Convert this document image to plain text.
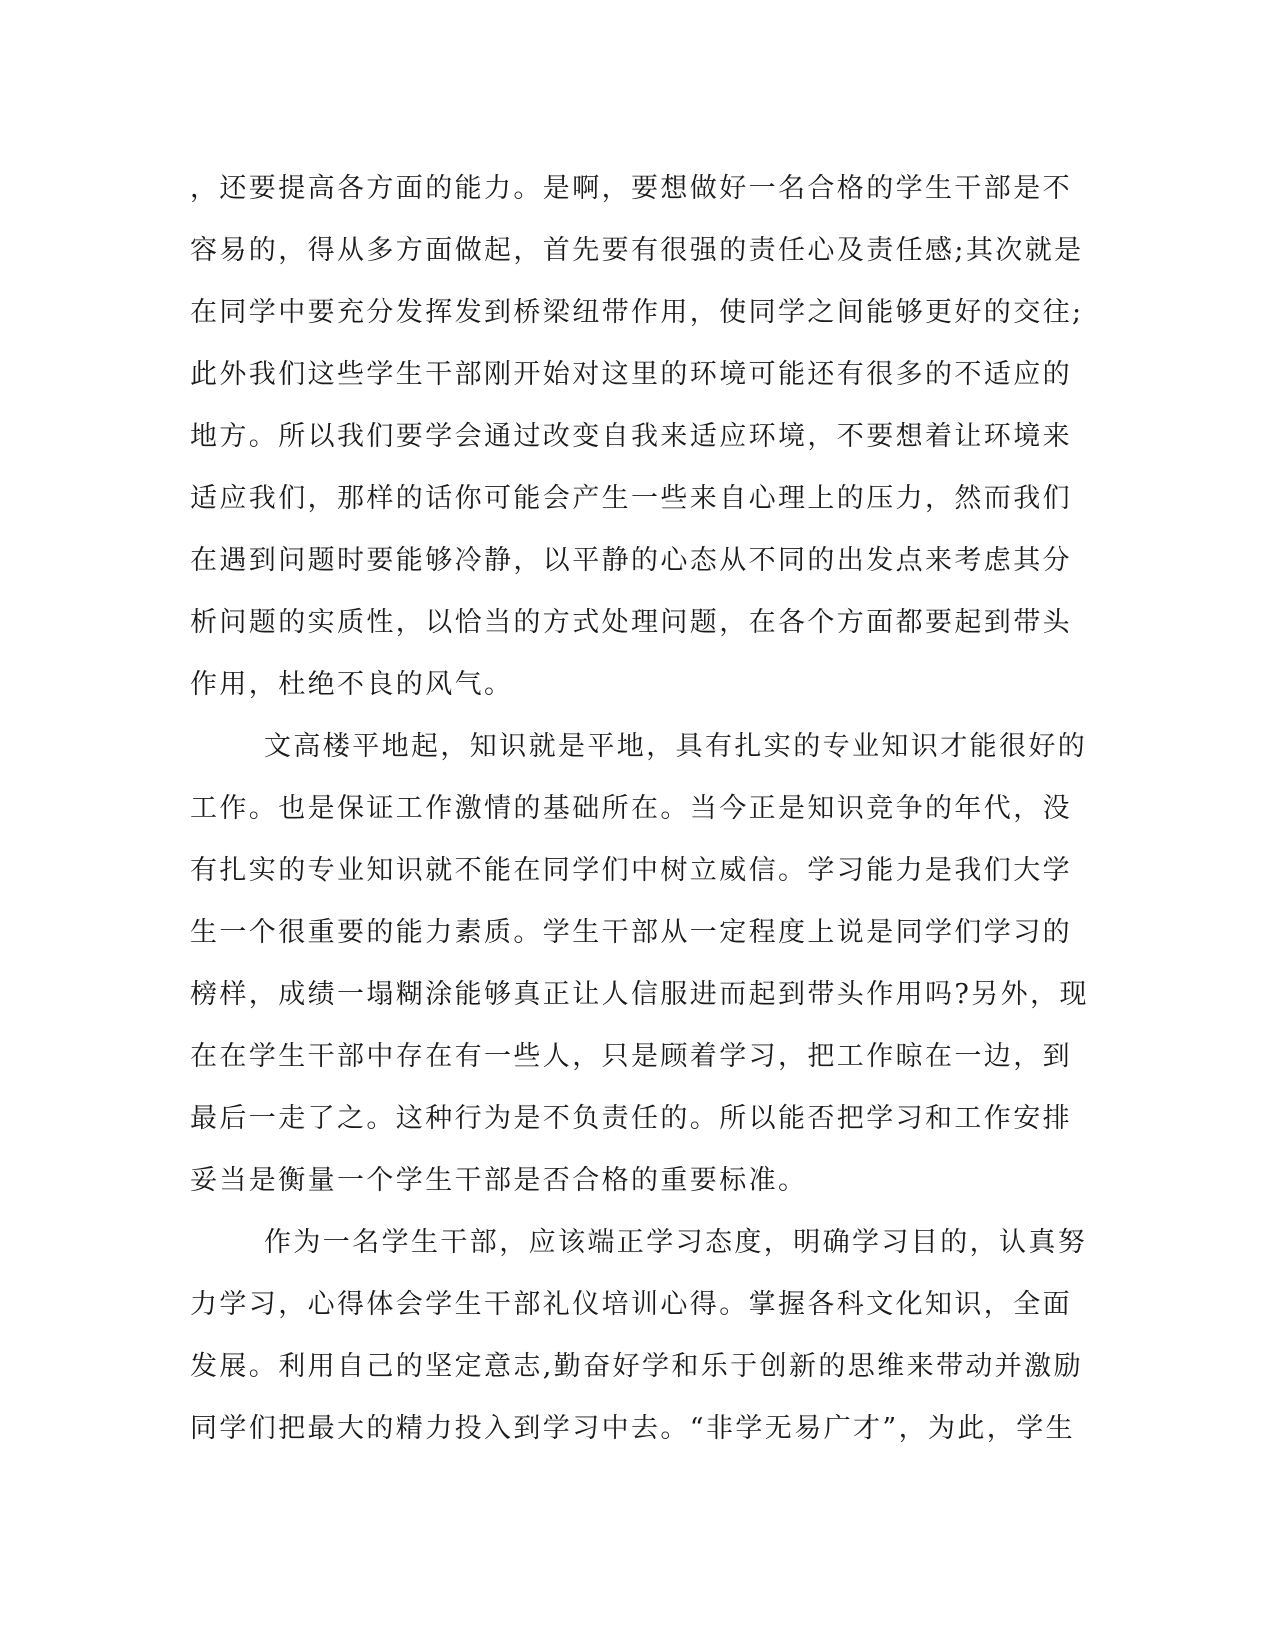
，还要提高各方面的能力。是啊，要想做好一名合格的学生干部是不
容易的，得从多方面做起，首先要有很强的责任心及责任感;其次就是
在同学中要充分发挥发到桥梁纽带作用，使同学之间能够更好的交往;
此外我们这些学生干部刚开始对这里的环境可能还有很多的不适应的
地方。所以我们要学会通过改变自我来适应环境，不要想着让环境来
适应我们，那样的话你可能会产生一些来自心理上的压力，然而我们
在遇到问题时要能够冷静，以平静的心态从不同的出发点来考虑其分
析问题的实质性，以恰当的方式处理问题，在各个方面都要起到带头
作用，杜绝不良的风气。
文高楼平地起，知识就是平地，具有扎实的专业知识才能很好的
工作。也是保证工作激情的基础所在。当今正是知识竞争的年代，没
有扎实的专业知识就不能在同学们中树立威信。学习能力是我们大学
生一个很重要的能力素质。学生干部从一定程度上说是同学们学习的
榜样，成绩一塌糊涂能够真正让人信服进而起到带头作用吗?另外，现
在在学生干部中存在有一些人，只是顾着学习，把工作晾在一边，到
最后一走了之。这种行为是不负责任的。所以能否把学习和工作安排
妥当是衡量一个学生干部是否合格的重要标准。
作为一名学生干部，应该端正学习态度，明确学习目的，认真努
力学习，心得体会学生干部礼仪培训心得。掌握各科文化知识，全面
发展。利用自己的坚定意志,勤奋好学和乐于创新的思维来带动并激励
同学们把最大的精力投入到学习中去。“非学无易广才”，为此，学生
